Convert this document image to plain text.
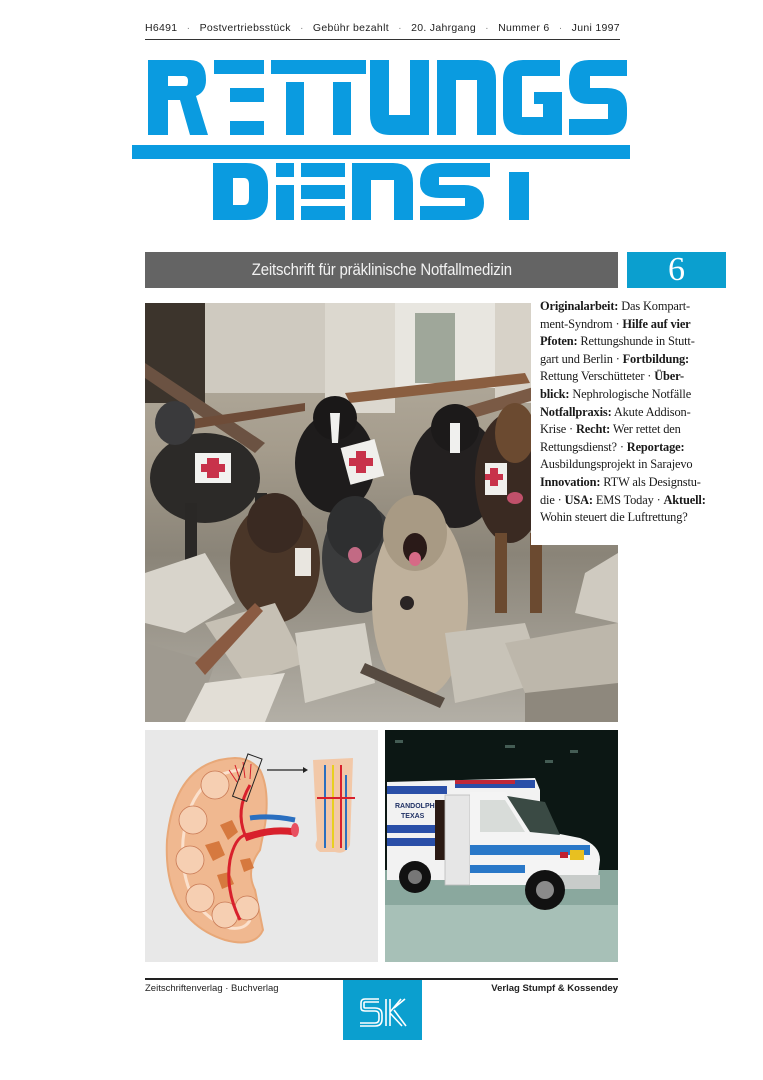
H6491 · Postvertriebsstück · Gebühr bezahlt · 20. Jahrgang · Nummer 6 · Juni 1997
Zeitschrift für präklinische Notfallmedizin	6
Originalarbeit: Das Kompart-
ment-Syndrom · Hilfe auf vier
Pfoten: Rettungshunde in Stutt-
gart und Berlin · Fortbildung:
Rettung Verschütteter · Über-
blick: Nephrologische Notfälle
Notfallpraxis: Akute Addison-
Krise · Recht: Wer rettet den
Rettungsdienst? · Reportage:
Ausbildungsprojekt in Sarajevo
Innovation: RTW als Designstu-
die · USA: EMS Today · Aktuell:
Wohin steuert die Luftrettung?
RANDOLPH
TEXAS
Zeitschriftenverlag · Buchverlag	Verlag Stumpf & Kossendey
